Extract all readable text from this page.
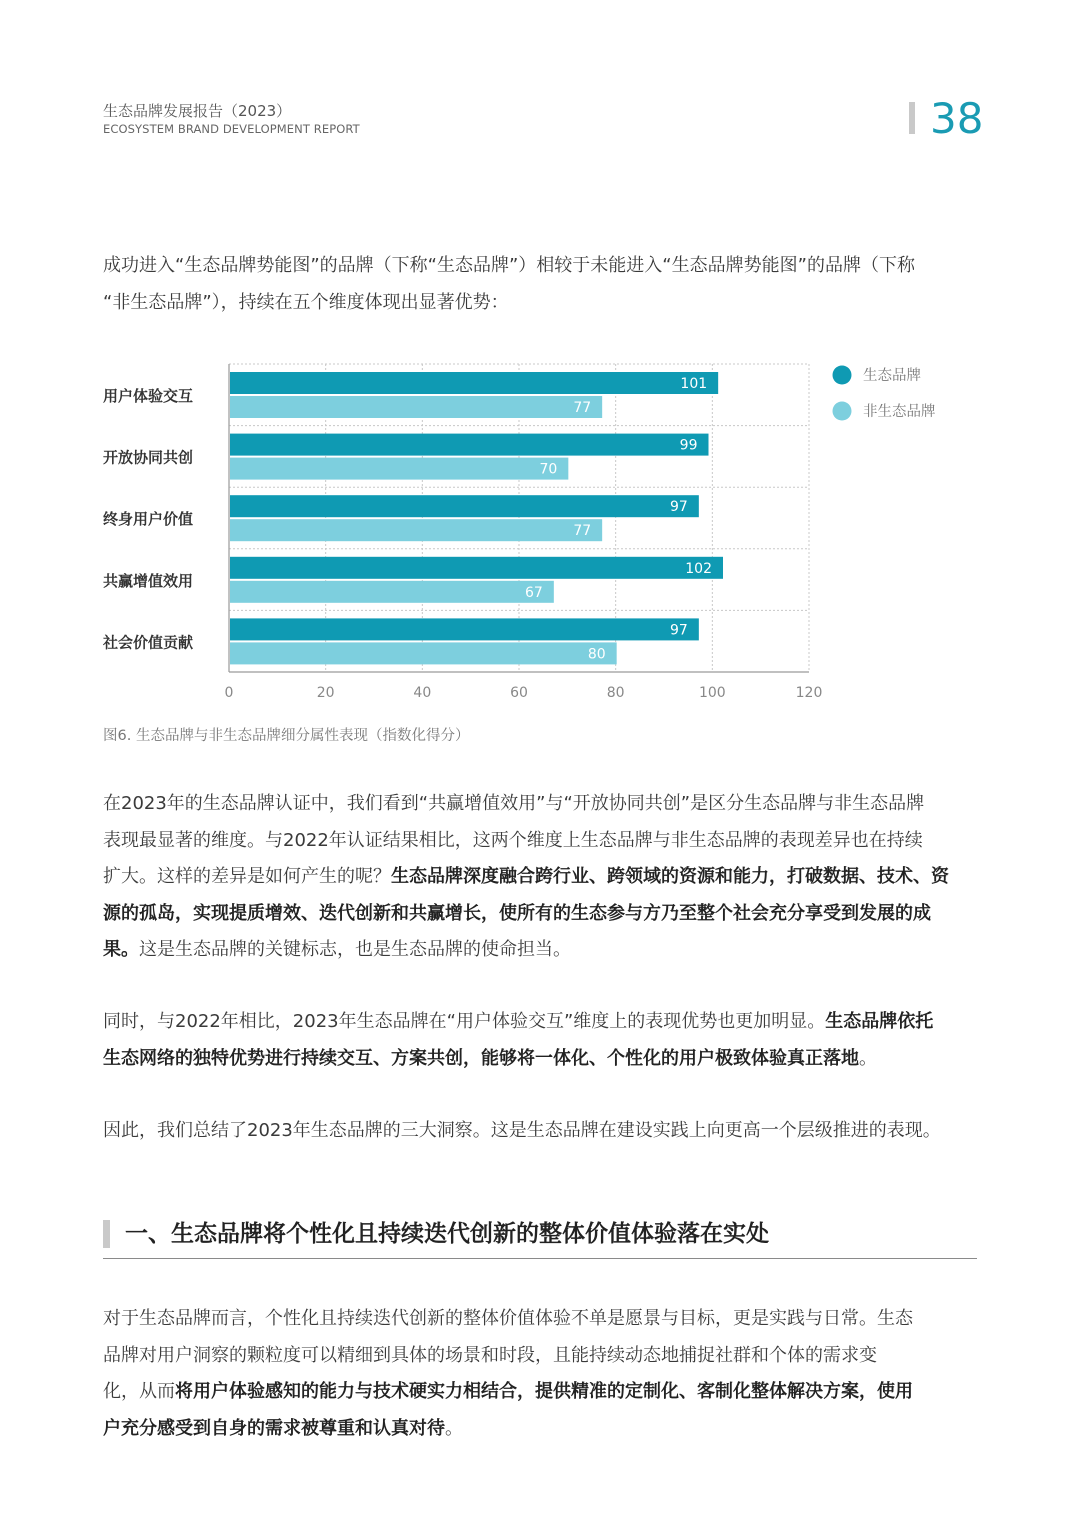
生态品牌发展报告（2023）
ECOSYSTEM BRAND DEVELOPMENT REPORT	38
成功进入“生态品牌势能图”的品牌（下称“生态品牌”）相较于未能进入“生态品牌势能图”的品牌（下称
“非生态品牌”），持续在五个维度体现出显著优势：
0	20	40	60	80	100	120
用户体验交互
101
77
开放协同共创
99
70
终身用户价值
97
77
共赢增值效用
102
67
社会价值贡献
97
80
生态品牌
非生态品牌
图6. 生态品牌与非生态品牌细分属性表现（指数化得分）
在2023年的生态品牌认证中，我们看到“共赢增值效用”与“开放协同共创”是区分生态品牌与非生态品牌
表现最显著的维度。与2022年认证结果相比，这两个维度上生态品牌与非生态品牌的表现差异也在持续
扩大。这样的差异是如何产生的呢？生态品牌深度融合跨行业、跨领域的资源和能力，打破数据、技术、资
源的孤岛，实现提质增效、迭代创新和共赢增长，使所有的生态参与方乃至整个社会充分享受到发展的成
果。这是生态品牌的关键标志，也是生态品牌的使命担当。
同时，与2022年相比，2023年生态品牌在“用户体验交互”维度上的表现优势也更加明显。生态品牌依托
生态网络的独特优势进行持续交互、方案共创，能够将一体化、个性化的用户极致体验真正落地。
因此，我们总结了2023年生态品牌的三大洞察。这是生态品牌在建设实践上向更高一个层级推进的表现。
一、生态品牌将个性化且持续迭代创新的整体价值体验落在实处
对于生态品牌而言，个性化且持续迭代创新的整体价值体验不单是愿景与目标，更是实践与日常。生态
品牌对用户洞察的颗粒度可以精细到具体的场景和时段，且能持续动态地捕捉社群和个体的需求变
化，从而将用户体验感知的能力与技术硬实力相结合，提供精准的定制化、客制化整体解决方案，使用
户充分感受到自身的需求被尊重和认真对待。
